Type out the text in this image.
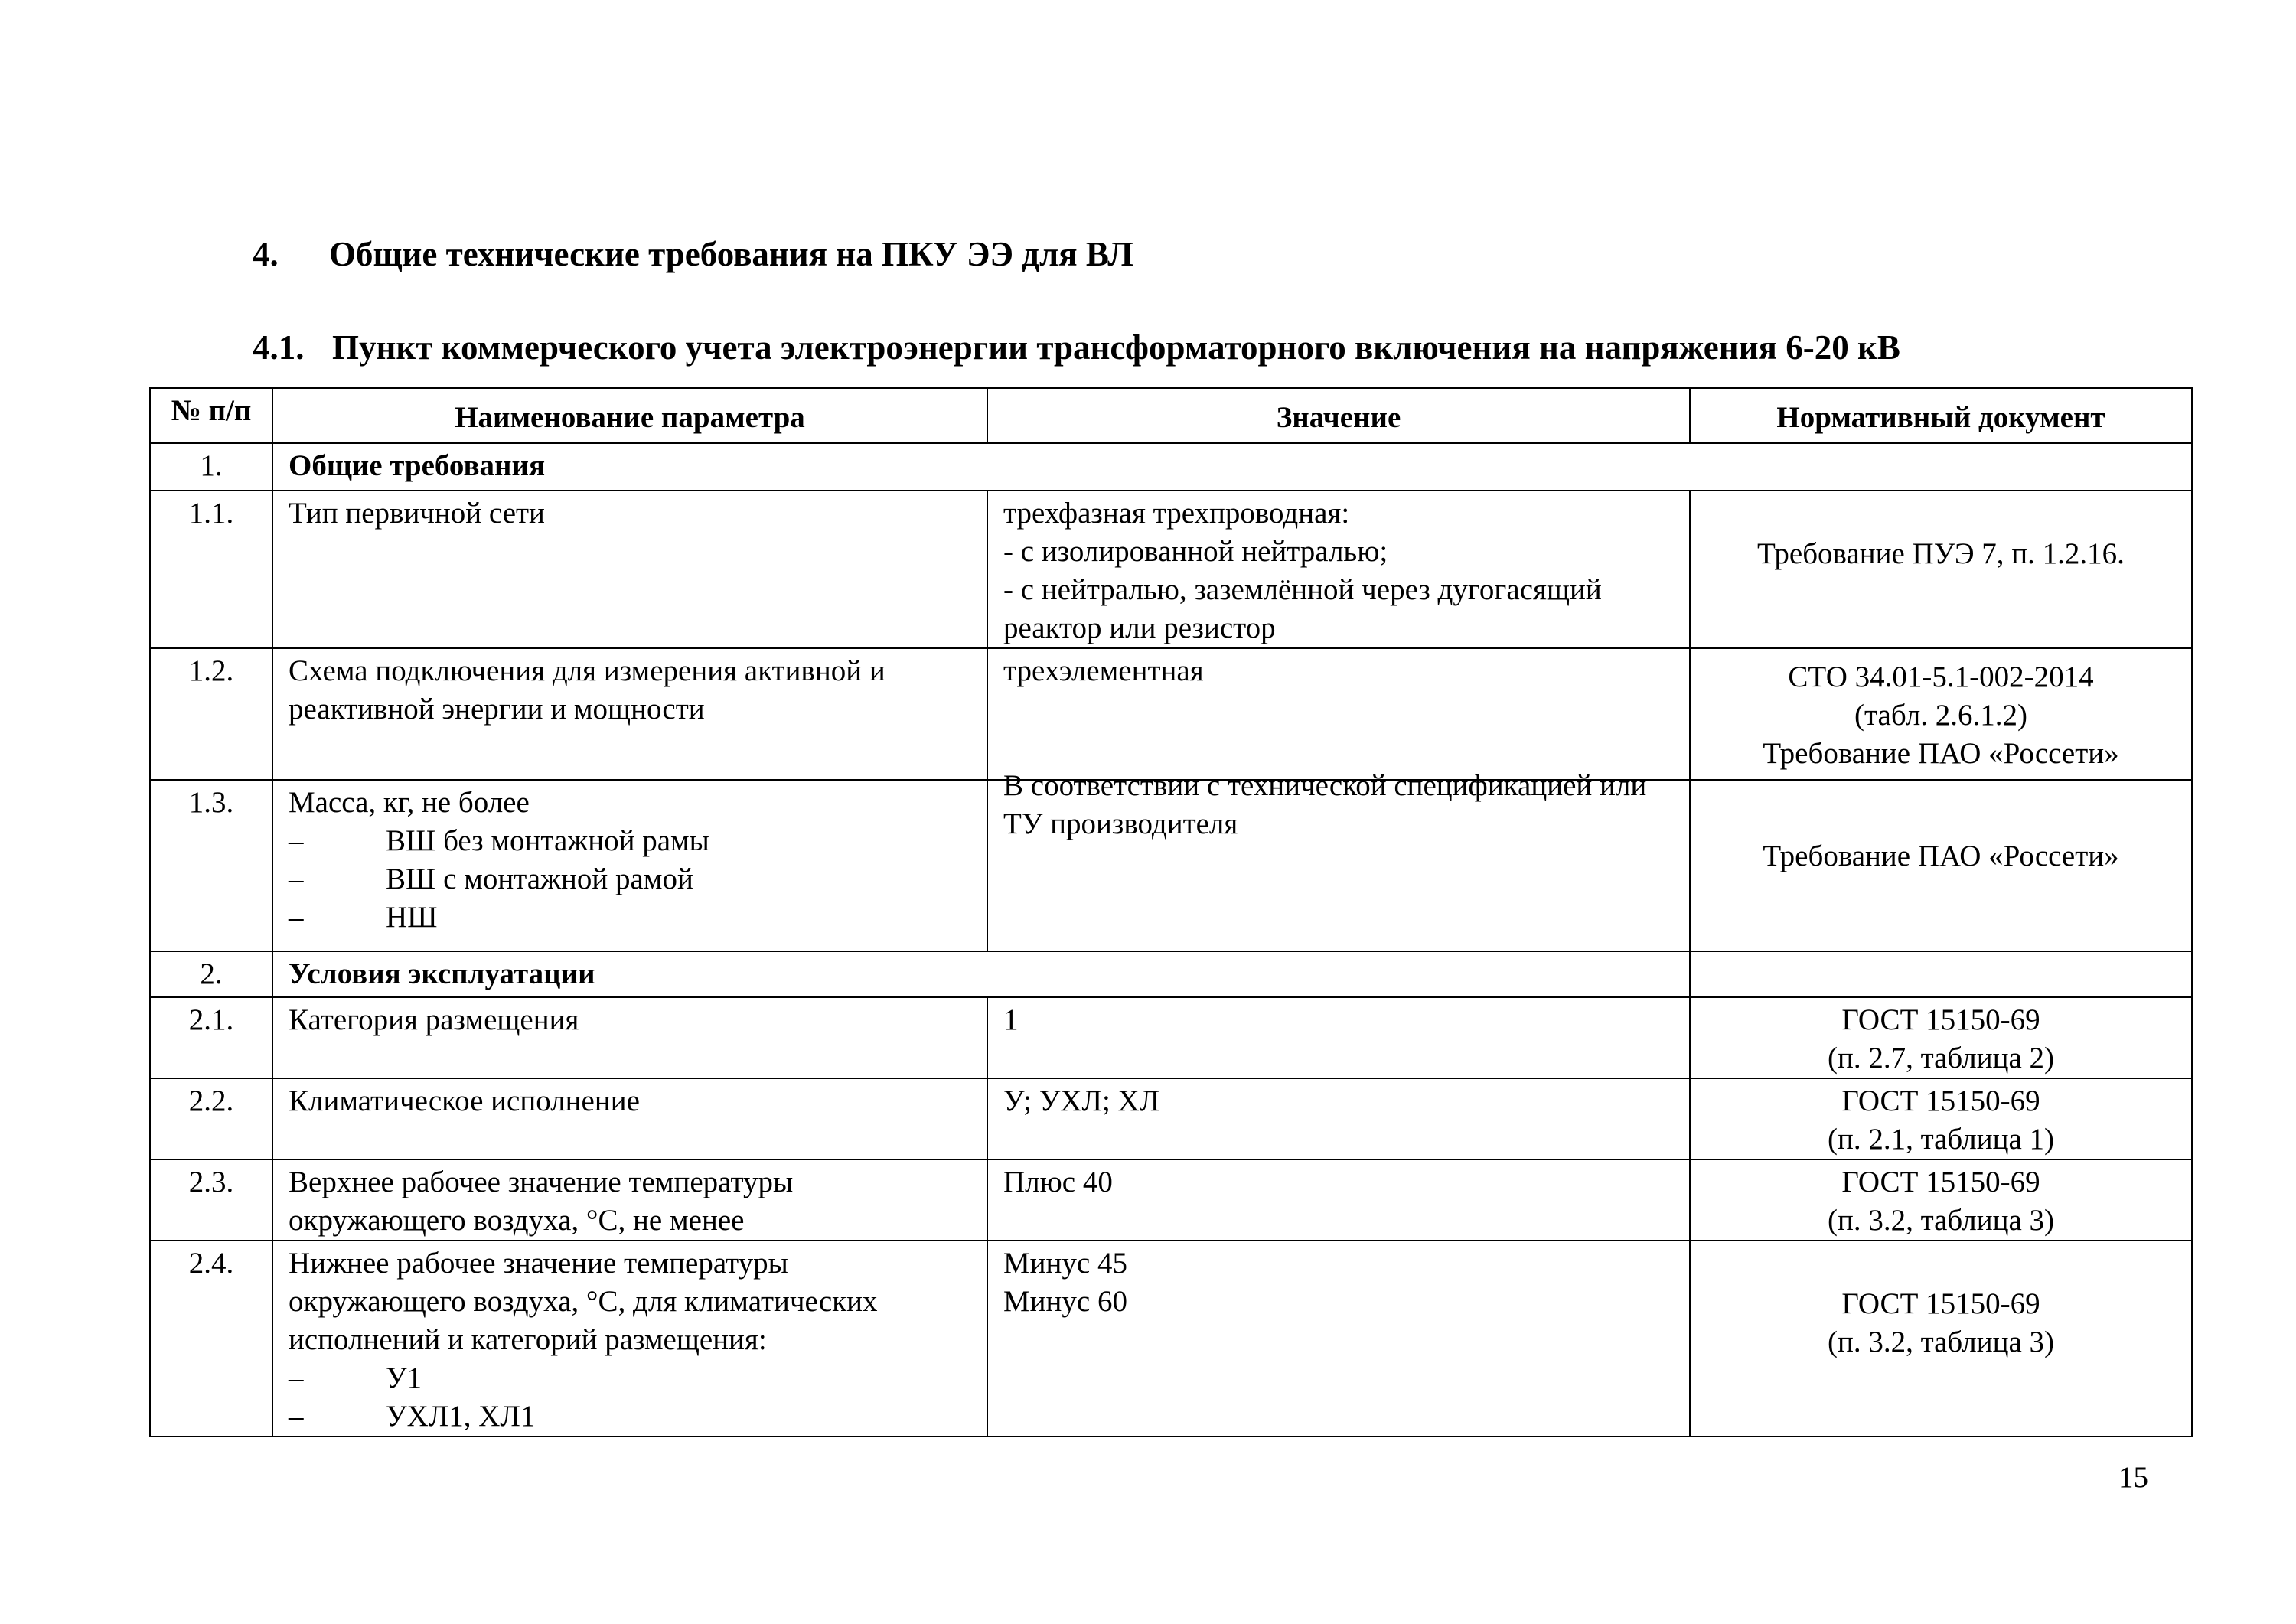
4. Общие технические требования на ПКУ ЭЭ для ВЛ
4.1. Пункт коммерческого учета электроэнергии трансформаторного включения на напряжения 6-20 кВ
№ п/п	Наименование параметра	Значение	Нормативный документ
1.	Общие требования		
1.1.	Тип первичной сети	трехфазная трехпроводная:
- с изолированной нейтралью;
- с нейтралью, заземлённой через дугогасящий реактор или резистор	Требование ПУЭ 7, п. 1.2.16.
1.2.	Схема подключения для измерения активной и реактивной энергии и мощности	трехэлементная	СТО 34.01-5.1-002-2014
(табл. 2.6.1.2)
Требование ПАО «Россети»

1.3.	Масса, кг, не более
– ВШ без монтажной рамы
– ВШ с монтажной рамой
– НШ	В соответствии с технической спецификацией или ТУ производителя	Требование ПАО «Россети»
2.	Условия эксплуатации		
2.1.	Категория размещения	1	ГОСТ 15150-69
(п. 2.7, таблица 2)

2.2.	Климатическое исполнение	У; УХЛ; ХЛ	ГОСТ 15150-69
(п. 2.1, таблица 1)

2.3.	Верхнее рабочее значение температуры окружающего воздуха, °С, не менее	Плюс 40	ГОСТ 15150-69
(п. 3.2, таблица 3)

2.4.	Нижнее рабочее значение температуры окружающего воздуха, °С, для климатических исполнений и категорий размещения:
– У1
– УХЛ1, ХЛ1	Минус 45
Минус 60	ГОСТ 15150-69
(п. 3.2, таблица 3)
15
